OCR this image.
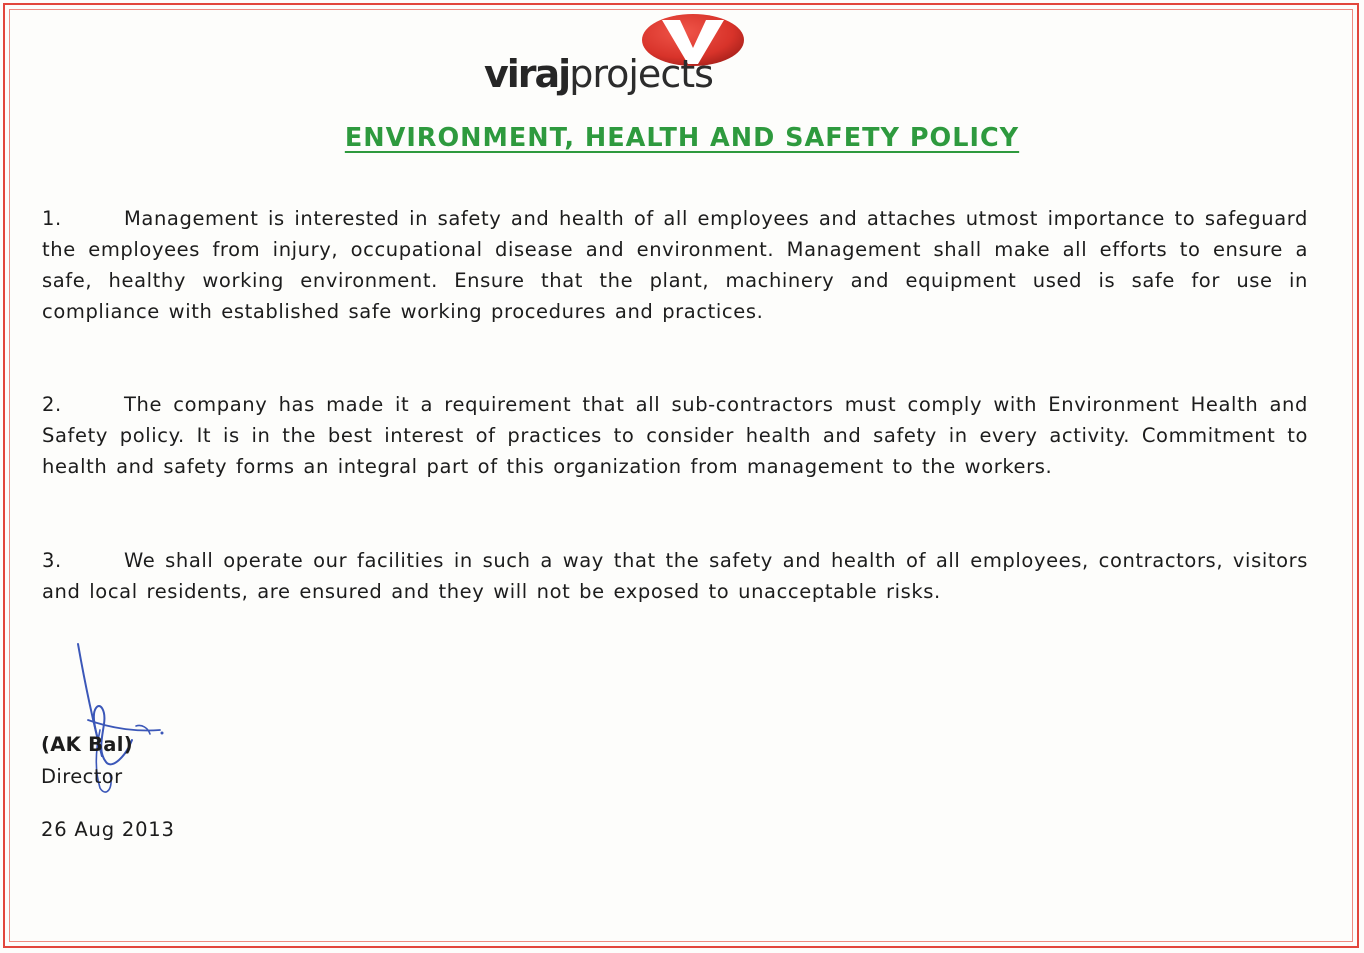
virajprojects
ENVIRONMENT, HEALTH AND SAFETY POLICY

1.	Management is interested in safety and health of all employees and attaches utmost importance to safeguard the employees from injury, occupational disease and environment. Management shall make all efforts to ensure a safe, healthy working environment. Ensure that the plant, machinery and equipment used is safe for use in compliance with established safe working procedures and practices.

2.	The company has made it a requirement that all sub-contractors must comply with Environment Health and Safety policy. It is in the best interest of practices to consider health and safety in every activity. Commitment to health and safety forms an integral part of this organization from management to the workers.

3.	We shall operate our facilities in such a way that the safety and health of all employees, contractors, visitors and local residents, are ensured and they will not be exposed to unacceptable risks.

(AK Bal)
Director
26 Aug 2013
